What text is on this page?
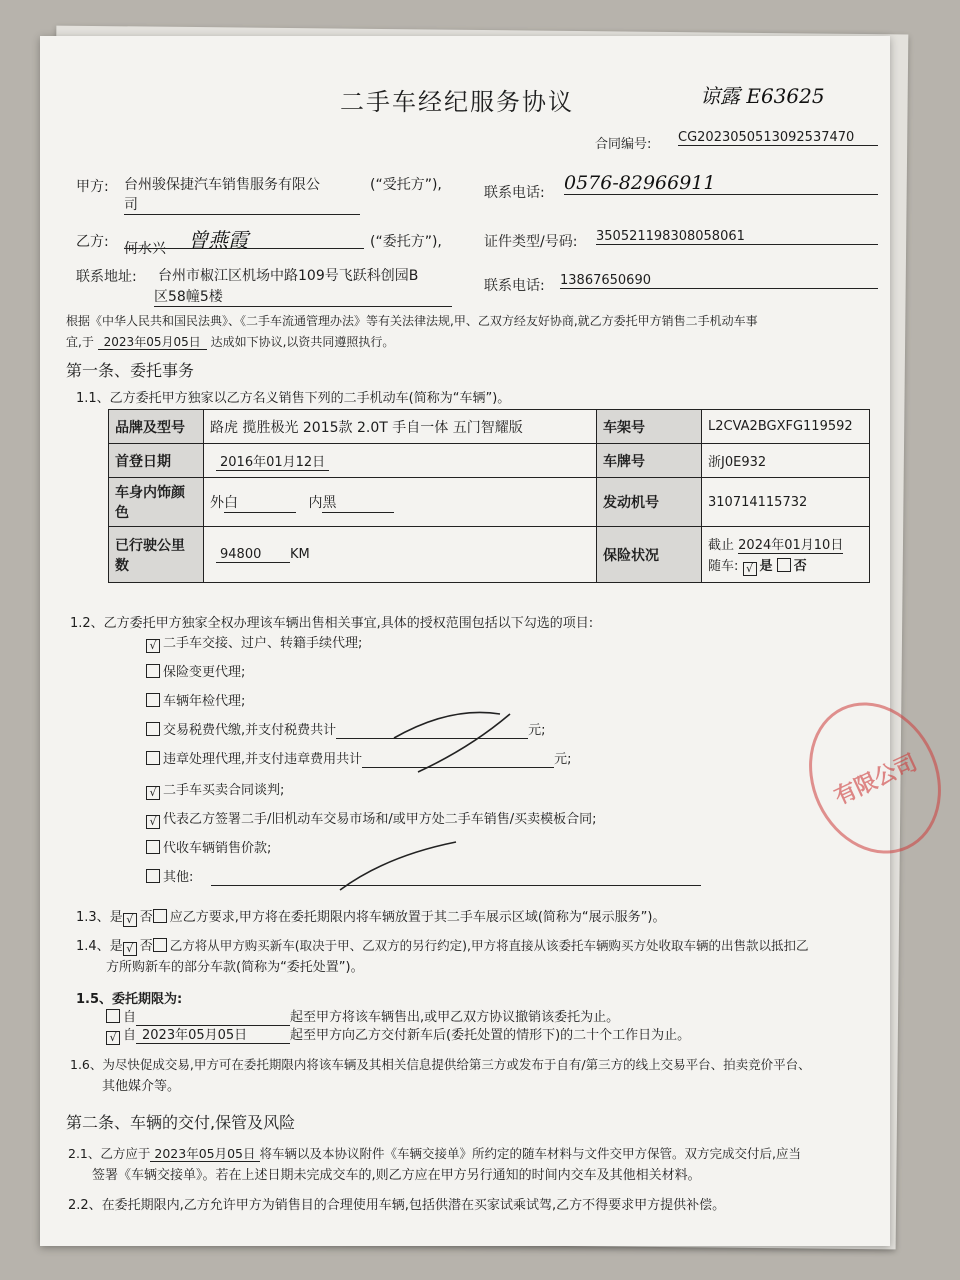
二手车经纪服务协议	谅露 E63625
合同编号: CG2023050513092537470
甲方: 台州骏保捷汽车销售服务有限公
司
(“受托方”),	联系电话: 0576-82966911
乙方: 何水兴 曾燕霞	(“委托方”),	证件类型/号码: 350521198308058061
联系地址: 台州市椒江区机场中路109号飞跃科创园B
区58幢5楼
联系电话: 13867650690
根据《中华人民共和国民法典》、《二手车流通管理办法》等有关法律法规,甲、乙双方经友好协商,就乙方委托甲方销售二手机动车事
宜,于 2023年05月05日 达成如下协议,以资共同遵照执行。
第一条、委托事务
1.1、乙方委托甲方独家以乙方名义销售下列的二手机动车(简称为“车辆”)。
品牌及型号	路虎 揽胜极光 2015款 2.0T 手自一体 五门智耀版	车架号	L2CVA2BGXFG119592
首登日期	2016年01月12日	车牌号	浙J0E932
车身内饰颜色	外白 内黑	发动机号	310714115732
已行驶公里数	94800 KM	保险状况	截止 2024年01月10日
随车: √ 是 否
1.2、乙方委托甲方独家全权办理该车辆出售相关事宜,具体的授权范围包括以下勾选的项目:
√ 二手车交接、过户、转籍手续代理;
保险变更代理;
车辆年检代理;
交易税费代缴,并支付税费共计	元;
违章处理代理,并支付违章费用共计	元;
√ 二手车买卖合同谈判;
√ 代表乙方签署二手/旧机动车交易市场和/或甲方处二手车销售/买卖模板合同;
代收车辆销售价款;
其他:
1.3、是 √ 否 应乙方要求,甲方将在委托期限内将车辆放置于其二手车展示区域(简称为“展示服务”)。
1.4、是 √ 否 乙方将从甲方购买新车(取决于甲、乙双方的另行约定),甲方将直接从该委托车辆购买方处收取车辆的出售款以抵扣乙
方所购新车的部分车款(简称为“委托处置”)。
1.5、委托期限为:
自	起至甲方将该车辆售出,或甲乙双方协议撤销该委托为止。
√ 自 2023年05月05日	起至甲方向乙方交付新车后(委托处置的情形下)的二十个工作日为止。
1.6、为尽快促成交易,甲方可在委托期限内将该车辆及其相关信息提供给第三方或发布于自有/第三方的线上交易平台、拍卖竞价平台、
其他媒介等。
第二条、车辆的交付,保管及风险
2.1、乙方应于 2023年05月05日 将车辆以及本协议附件《车辆交接单》所约定的随车材料与文件交甲方保管。双方完成交付后,应当
签署《车辆交接单》。若在上述日期未完成交车的,则乙方应在甲方另行通知的时间内交车及其他相关材料。
2.2、在委托期限内,乙方允许甲方为销售目的合理使用车辆,包括供潜在买家试乘试驾,乙方不得要求甲方提供补偿。
有限公司
